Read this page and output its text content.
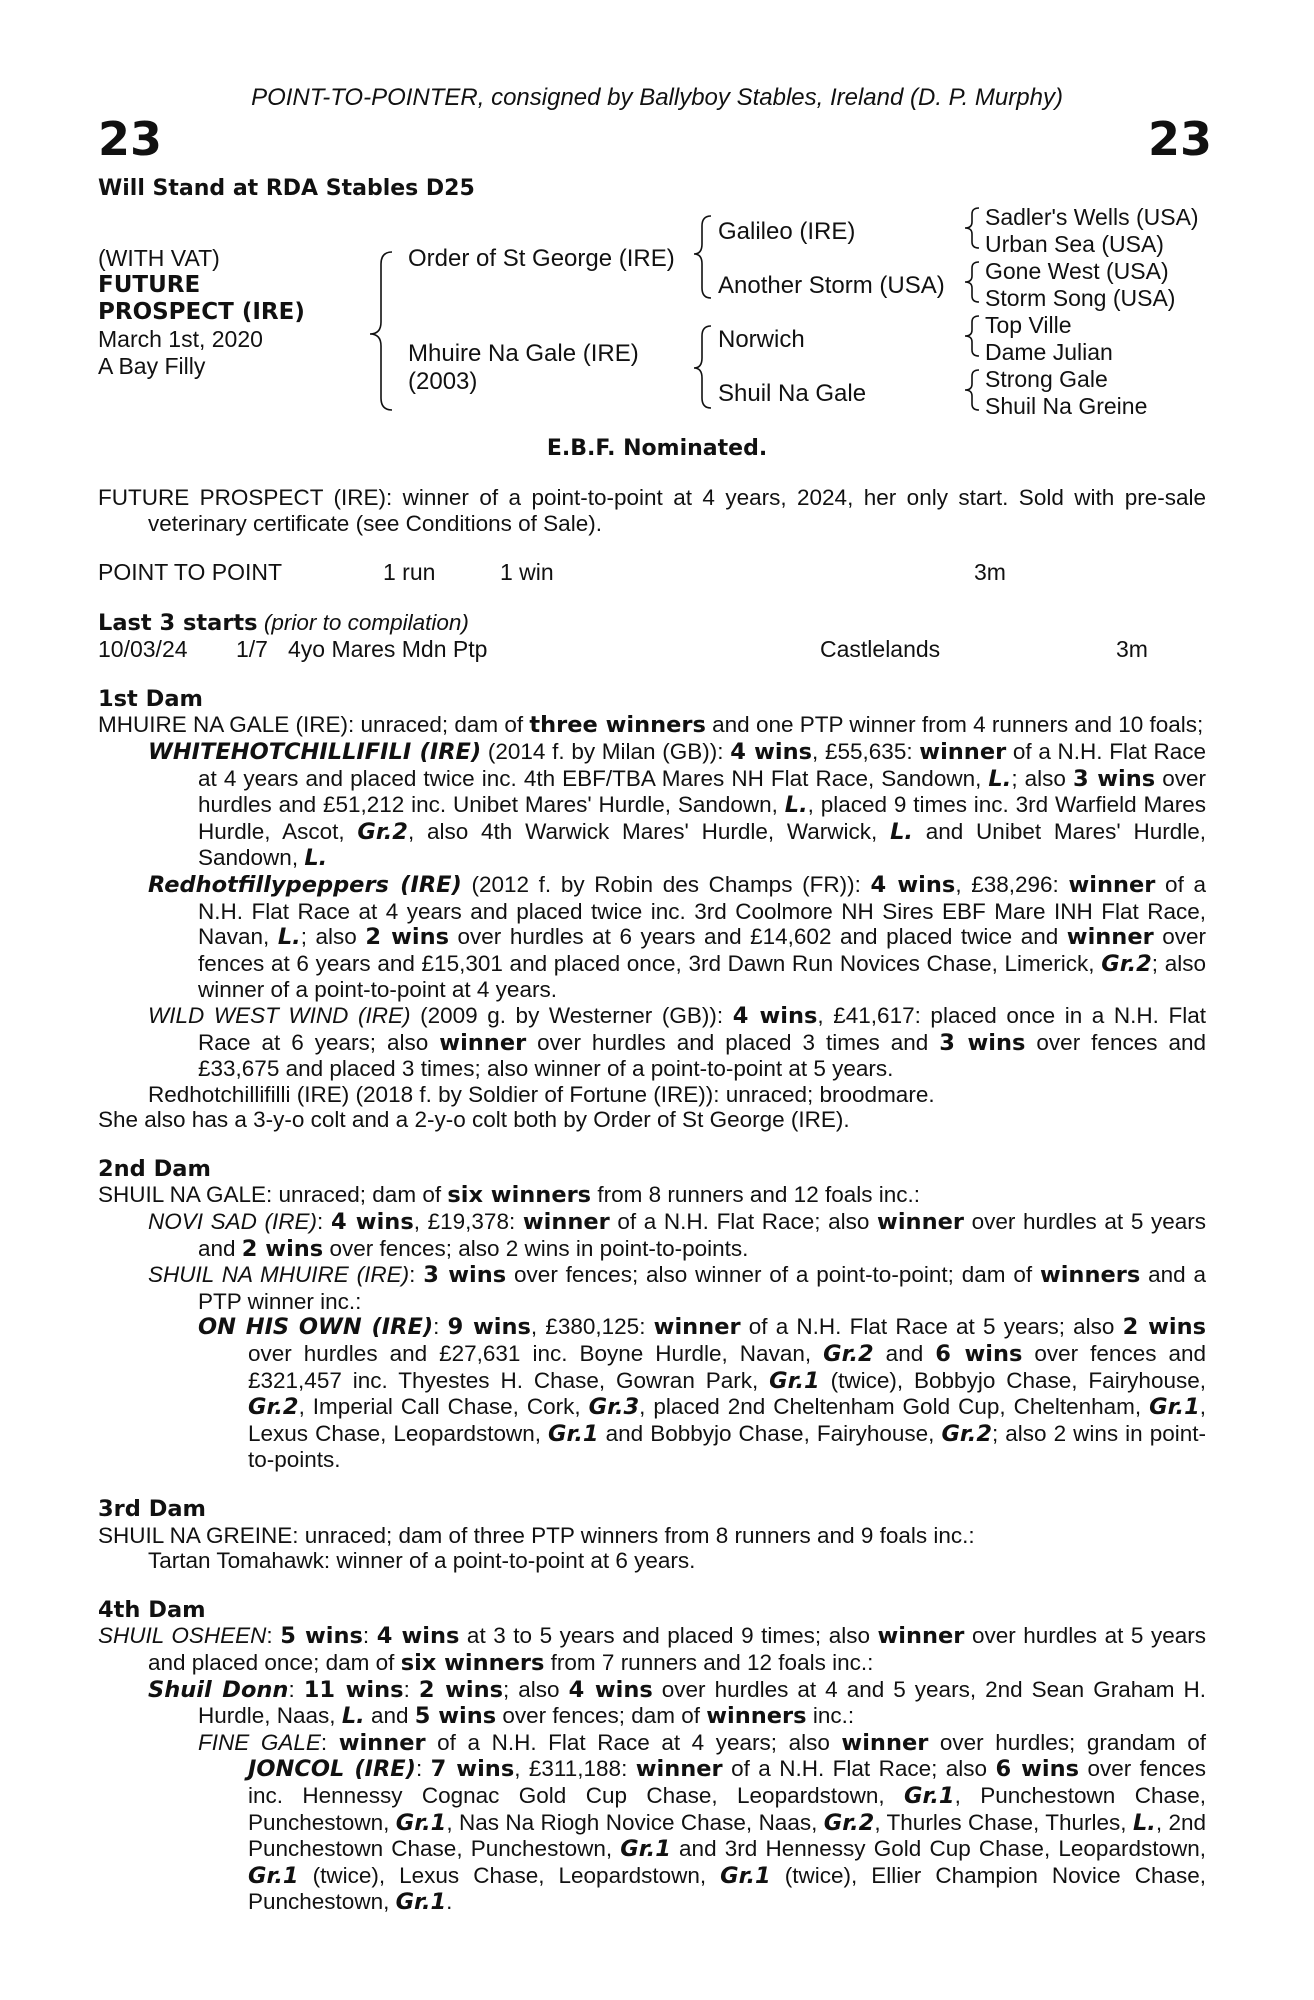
POINT-TO-POINTER, consigned by Ballyboy Stables, Ireland (D. P. Murphy)
23	23
Will Stand at RDA Stables D25
(WITH VAT)
FUTURE
PROSPECT (IRE)
March 1st, 2020
A Bay Filly
Order of St George (IRE)
Mhuire Na Gale (IRE)
(2003)
Galileo (IRE)
Another Storm (USA)
Norwich
Shuil Na Gale
Sadler's Wells (USA)
Urban Sea (USA)
Gone West (USA)
Storm Song (USA)
Top Ville
Dame Julian
Strong Gale
Shuil Na Greine
E.B.F. Nominated.

FUTURE PROSPECT (IRE): winner of a point-to-point at 4 years, 2024, her only start. Sold with pre-sale veterinary certificate (see Conditions of Sale).

POINT TO POINT	1 run	1 win	3m

Last 3 starts (prior to compilation)

10/03/24 1/7 4yo Mares Mdn Ptp	Castlelands	3m

1st Dam

MHUIRE NA GALE (IRE): unraced; dam of three winners and one PTP winner from 4 runners and 10 foals;

WHITEHOTCHILLIFILI (IRE) (2014 f. by Milan (GB)): 4 wins, £55,635: winner of a N.H. Flat Race at 4 years and placed twice inc. 4th EBF/TBA Mares NH Flat Race, Sandown, L.; also 3 wins over hurdles and £51,212 inc. Unibet Mares' Hurdle, Sandown, L., placed 9 times inc. 3rd Warfield Mares Hurdle, Ascot, Gr.2, also 4th Warwick Mares' Hurdle, Warwick, L. and Unibet Mares' Hurdle, Sandown, L.

Redhotfillypeppers (IRE) (2012 f. by Robin des Champs (FR)): 4 wins, £38,296: winner of a N.H. Flat Race at 4 years and placed twice inc. 3rd Coolmore NH Sires EBF Mare INH Flat Race, Navan, L.; also 2 wins over hurdles at 6 years and £14,602 and placed twice and winner over fences at 6 years and £15,301 and placed once, 3rd Dawn Run Novices Chase, Limerick, Gr.2; also winner of a point-to-point at 4 years.

WILD WEST WIND (IRE) (2009 g. by Westerner (GB)): 4 wins, £41,617: placed once in a N.H. Flat Race at 6 years; also winner over hurdles and placed 3 times and 3 wins over fences and £33,675 and placed 3 times; also winner of a point-to-point at 5 years.

Redhotchillifilli (IRE) (2018 f. by Soldier of Fortune (IRE)): unraced; broodmare.

She also has a 3-y-o colt and a 2-y-o colt both by Order of St George (IRE).

2nd Dam

SHUIL NA GALE: unraced; dam of six winners from 8 runners and 12 foals inc.:

NOVI SAD (IRE): 4 wins, £19,378: winner of a N.H. Flat Race; also winner over hurdles at 5 years and 2 wins over fences; also 2 wins in point-to-points.

SHUIL NA MHUIRE (IRE): 3 wins over fences; also winner of a point-to-point; dam of winners and a PTP winner inc.:

ON HIS OWN (IRE): 9 wins, £380,125: winner of a N.H. Flat Race at 5 years; also 2 wins over hurdles and £27,631 inc. Boyne Hurdle, Navan, Gr.2 and 6 wins over fences and £321,457 inc. Thyestes H. Chase, Gowran Park, Gr.1 (twice), Bobbyjo Chase, Fairyhouse, Gr.2, Imperial Call Chase, Cork, Gr.3, placed 2nd Cheltenham Gold Cup, Cheltenham, Gr.1, Lexus Chase, Leopardstown, Gr.1 and Bobbyjo Chase, Fairyhouse, Gr.2; also 2 wins in point-to-points.

3rd Dam

SHUIL NA GREINE: unraced; dam of three PTP winners from 8 runners and 9 foals inc.:

Tartan Tomahawk: winner of a point-to-point at 6 years.

4th Dam

SHUIL OSHEEN: 5 wins: 4 wins at 3 to 5 years and placed 9 times; also winner over hurdles at 5 years and placed once; dam of six winners from 7 runners and 12 foals inc.:

Shuil Donn: 11 wins: 2 wins; also 4 wins over hurdles at 4 and 5 years, 2nd Sean Graham H. Hurdle, Naas, L. and 5 wins over fences; dam of winners inc.:

FINE GALE: winner of a N.H. Flat Race at 4 years; also winner over hurdles; grandam of JONCOL (IRE): 7 wins, £311,188: winner of a N.H. Flat Race; also 6 wins over fences inc. Hennessy Cognac Gold Cup Chase, Leopardstown, Gr.1, Punchestown Chase, Punchestown, Gr.1, Nas Na Riogh Novice Chase, Naas, Gr.2, Thurles Chase, Thurles, L., 2nd Punchestown Chase, Punchestown, Gr.1 and 3rd Hennessy Gold Cup Chase, Leopardstown, Gr.1 (twice), Lexus Chase, Leopardstown, Gr.1 (twice), Ellier Champion Novice Chase, Punchestown, Gr.1.
